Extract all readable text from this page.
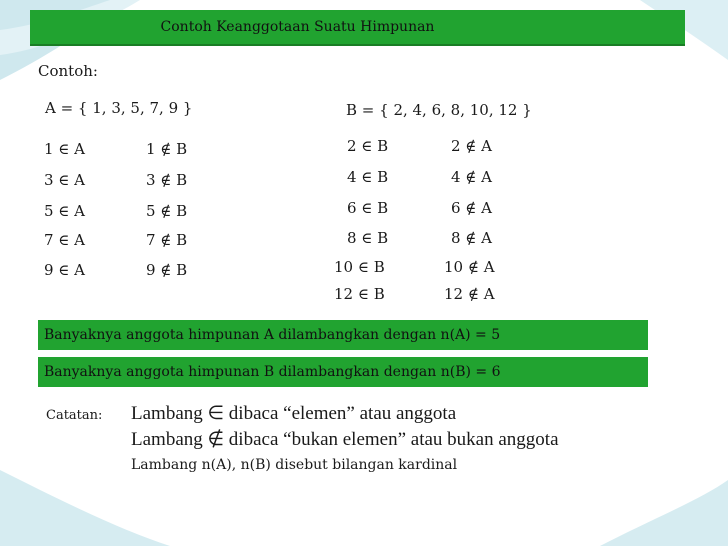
Contoh Keanggotaan Suatu Himpunan
Contoh:
A = { 1, 3, 5, 7, 9 }	B = { 2, 4, 6, 8, 10, 12 }
1 ∈ A	1 ∉ B
3 ∈ A	3 ∉ B
5 ∈ A	5 ∉ B
7 ∈ A	7 ∉ B
9 ∈ A	9 ∉ B
2 ∈ B	2 ∉ A
4 ∈ B	4 ∉ A
6 ∈ B	6 ∉ A
8 ∈ B	8 ∉ A
10 ∈ B	10 ∉ A
12 ∈ B	12 ∉ A
Banyaknya anggota himpunan A dilambangkan dengan n(A) = 5
Banyaknya anggota himpunan B dilambangkan dengan n(B) = 6
Catatan: Lambang ∈ dibaca “elemen” atau anggota
Lambang ∉ dibaca “bukan elemen” atau bukan anggota
Lambang n(A), n(B) disebut bilangan kardinal
